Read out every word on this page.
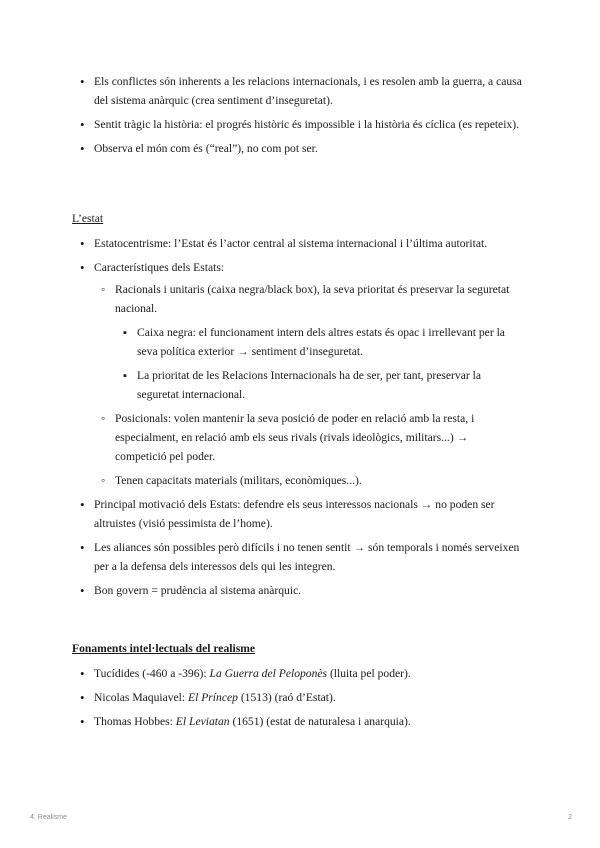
•
Els conflictes són inherents a les relacions internacionals, i es resolen amb la guerra, a causa del sistema anàrquic (crea sentiment d’inseguretat).
•
Sentit tràgic la història: el progrés històric és impossible i la història és cíclica (es repeteix).
•
Observa el món com és (“real”), no com pot ser.
L’estat
•
Estatocentrisme: l’Estat és l’actor central al sistema internacional i l’última autoritat.
•
Característiques dels Estats:
◦
Racionals i unitaris (caixa negra/black box), la seva prioritat és preservar la seguretat nacional.
▪
Caixa negra: el funcionament intern dels altres estats és opac i irrellevant per la seva política exterior → sentiment d’inseguretat.
▪
La prioritat de les Relacions Internacionals ha de ser, per tant, preservar la seguretat internacional.
◦
Posicionals: volen mantenir la seva posició de poder en relació amb la resta, i especialment, en relació amb els seus rivals (rivals ideològics, militars...) → competició pel poder.
◦
Tenen capacitats materials (militars, econòmiques...).
•
Principal motivació dels Estats: defendre els seus interessos nacionals → no poden ser altruistes (visió pessimista de l’home).
•
Les aliances són possibles però difícils i no tenen sentit → són temporals i només serveixen per a la defensa dels interessos dels qui les integren.
•
Bon govern = prudència al sistema anàrquic.
Fonaments intel·lectuals del realisme
•
Tucídides (-460 a -396): La Guerra del Peloponès (lluita pel poder).
•
Nicolas Maquiavel: El Príncep (1513) (raó d’Estat).
•
Thomas Hobbes: El Leviatan (1651) (estat de naturalesa i anarquia).
4. Realisme	2
